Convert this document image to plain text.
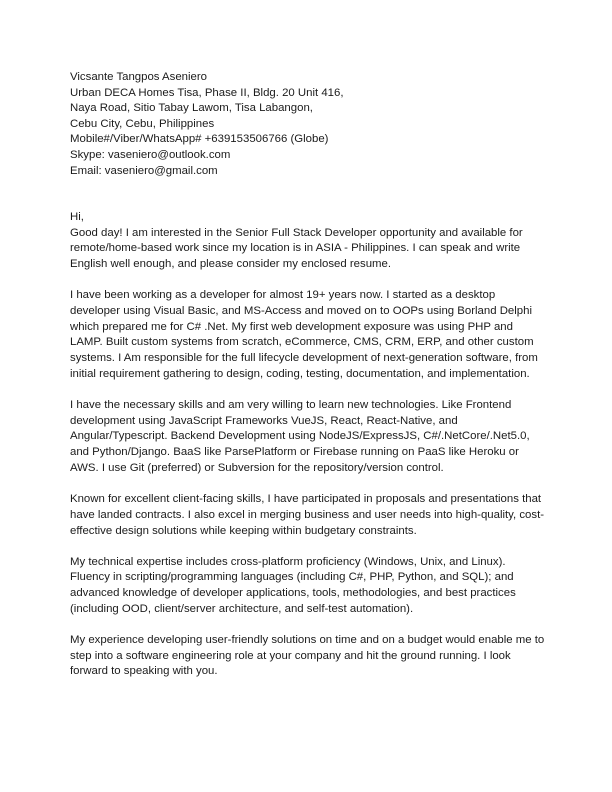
Vicsante Tangpos Aseniero
Urban DECA Homes Tisa, Phase II, Bldg. 20 Unit 416,
Naya Road, Sitio Tabay Lawom, Tisa Labangon,
Cebu City, Cebu, Philippines
Mobile#/Viber/WhatsApp# +639153506766 (Globe)
Skype: vaseniero@outlook.com
Email: vaseniero@gmail.com
Hi,

Good day! I am interested in the Senior Full Stack Developer opportunity and available for remote/home-based work since my location is in ASIA - Philippines. I can speak and write English well enough, and please consider my enclosed resume.

I have been working as a developer for almost 19+ years now. I started as a desktop developer using Visual Basic, and MS-Access and moved on to OOPs using Borland Delphi which prepared me for C# .Net. My first web development exposure was using PHP and LAMP. Built custom systems from scratch, eCommerce, CMS, CRM, ERP, and other custom systems. I Am responsible for the full lifecycle development of next-generation software, from initial requirement gathering to design, coding, testing, documentation, and implementation.

I have the necessary skills and am very willing to learn new technologies. Like Frontend development using JavaScript Frameworks VueJS, React, React-Native, and Angular/Typescript. Backend Development using NodeJS/ExpressJS, C#/.NetCore/.Net5.0, and Python/Django. BaaS like ParsePlatform or Firebase running on PaaS like Heroku or AWS. I use Git (preferred) or Subversion for the repository/version control.

Known for excellent client-facing skills, I have participated in proposals and presentations that have landed contracts. I also excel in merging business and user needs into high-quality, cost-effective design solutions while keeping within budgetary constraints.

My technical expertise includes cross-platform proficiency (Windows, Unix, and Linux). Fluency in scripting/programming languages (including C#, PHP, Python, and SQL); and advanced knowledge of developer applications, tools, methodologies, and best practices (including OOD, client/server architecture, and self-test automation).

My experience developing user-friendly solutions on time and on a budget would enable me to step into a software engineering role at your company and hit the ground running. I look forward to speaking with you.
